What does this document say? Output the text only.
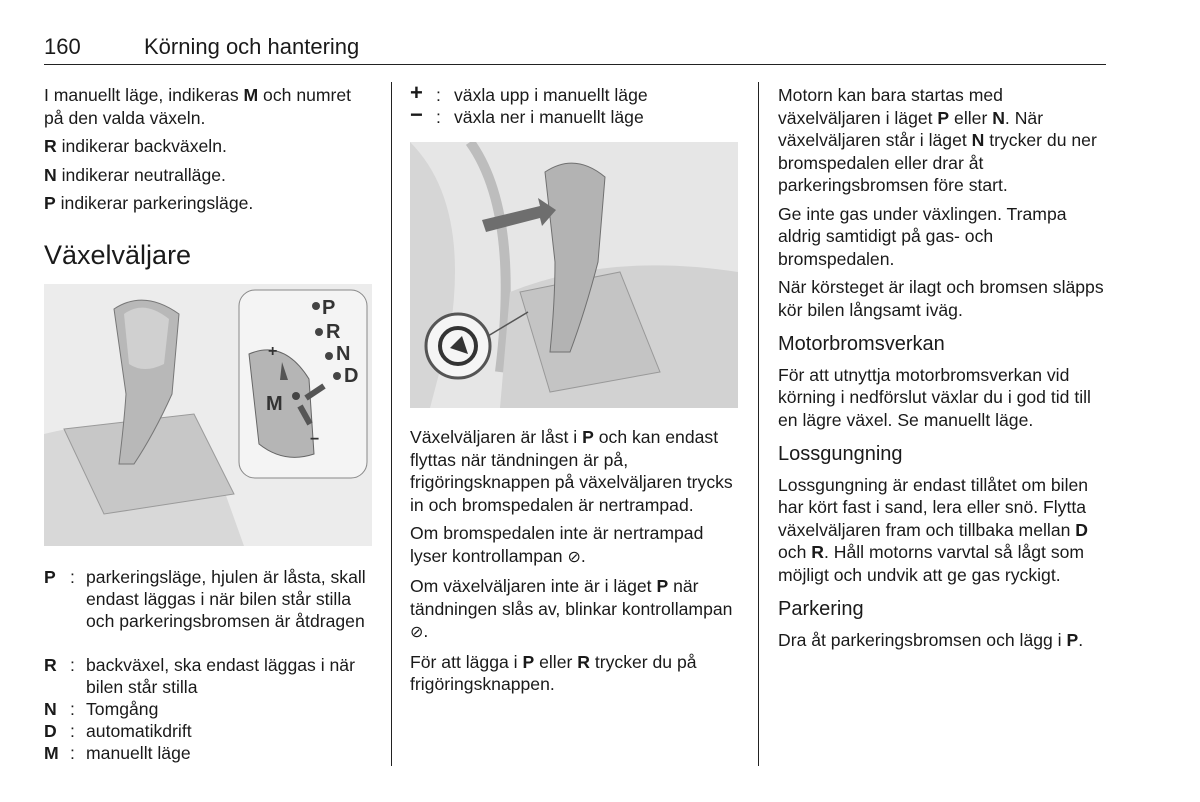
160	Körning och hantering

I manuellt läge, indikeras M och numret på den valda växeln.

R indikerar backväxeln.

N indikerar neutralläge.

P indikerar parkeringsläge.

Växelväljare
P
R
N
D
M
+
−
P : parkeringsläge, hjulen är låsta, skall endast läggas i när bilen står stilla och parkeringsbromsen är åtdragen
R : backväxel, ska endast läggas i när bilen står stilla
N : Tomgång
D : automatikdrift
M : manuellt läge
+ : växla upp i manuellt läge
− : växla ner i manuellt läge

Växelväljaren är låst i P och kan endast flyttas när tändningen är på, frigöringsknappen på växelväljaren trycks in och bromspedalen är nertrampad.

Om bromspedalen inte är nertrampad lyser kontrollampan ⊘.

Om växelväljaren inte är i läget P när tändningen slås av, blinkar kontrollampan ⊘.

För att lägga i P eller R trycker du på frigöringsknappen.

Motorn kan bara startas med växelväljaren i läget P eller N. När växelväljaren står i läget N trycker du ner bromspedalen eller drar åt parkeringsbromsen före start.

Ge inte gas under växlingen. Trampa aldrig samtidigt på gas- och bromspedalen.

När körsteget är ilagt och bromsen släpps kör bilen långsamt iväg.

Motorbromsverkan

För att utnyttja motorbromsverkan vid körning i nedförslut växlar du i god tid till en lägre växel. Se manuellt läge.

Lossgungning

Lossgungning är endast tillåtet om bilen har kört fast i sand, lera eller snö. Flytta växelväljaren fram och tillbaka mellan D och R. Håll motorns varvtal så lågt som möjligt och undvik att ge gas ryckigt.

Parkering

Dra åt parkeringsbromsen och lägg i P.
